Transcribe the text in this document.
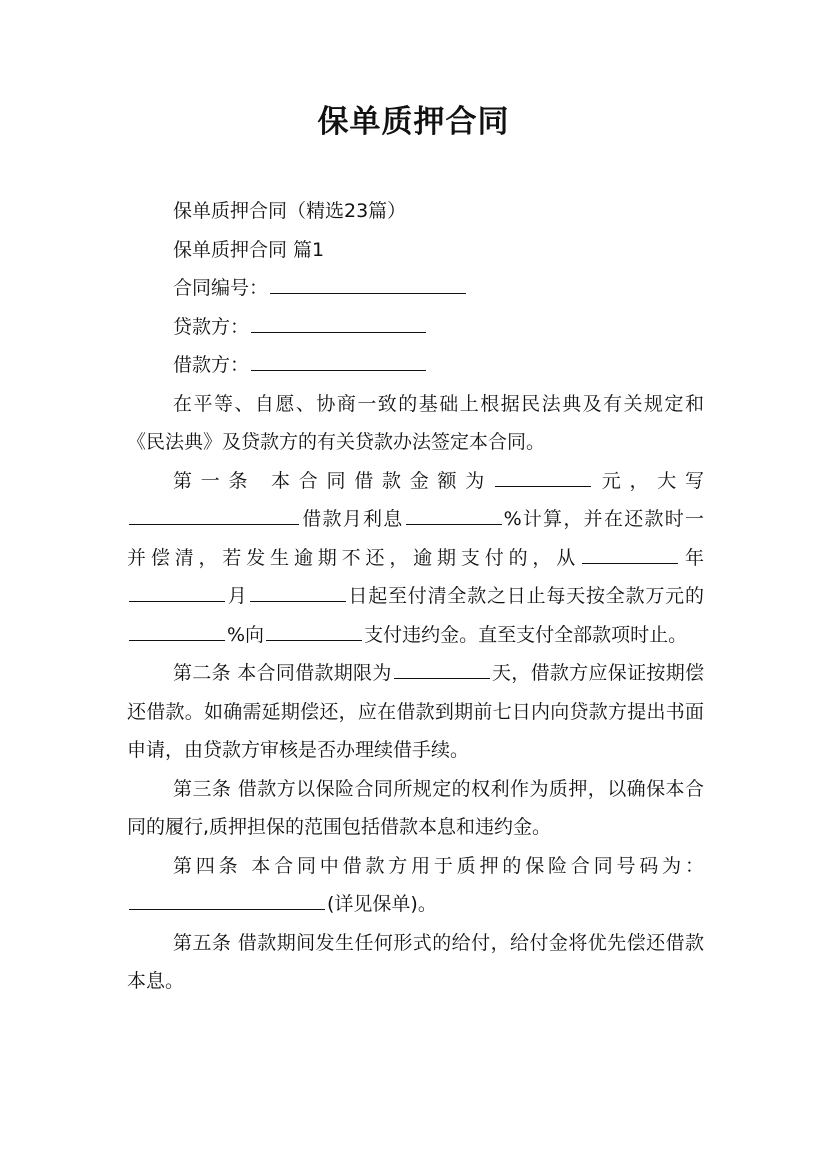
保单质押合同

保单质押合同（精选23篇）

保单质押合同 篇1

合同编号：

贷款方：

借款方：

在平等、自愿、协商一致的基础上根据民法典及有关规定和《民法典》及贷款方的有关贷款办法签定本合同。

第一条 本合同借款金额为	元，大写借款月利息	%计算，并在还款时一并偿清，若发生逾期不还，逾期支付的，从	年月	日起至付清全款之日止每天按全款万元的%向	支付违约金。直至支付全部款项时止。

第二条 本合同借款期限为	天，借款方应保证按期偿还借款。如确需延期偿还，应在借款到期前七日内向贷款方提出书面申请，由贷款方审核是否办理续借手续。

第三条 借款方以保险合同所规定的权利作为质押，以确保本合同的履行,质押担保的范围包括借款本息和违约金。

第四条 本合同中借款方用于质押的保险合同号码为：(详见保单)。

第五条 借款期间发生任何形式的给付，给付金将优先偿还借款本息。
